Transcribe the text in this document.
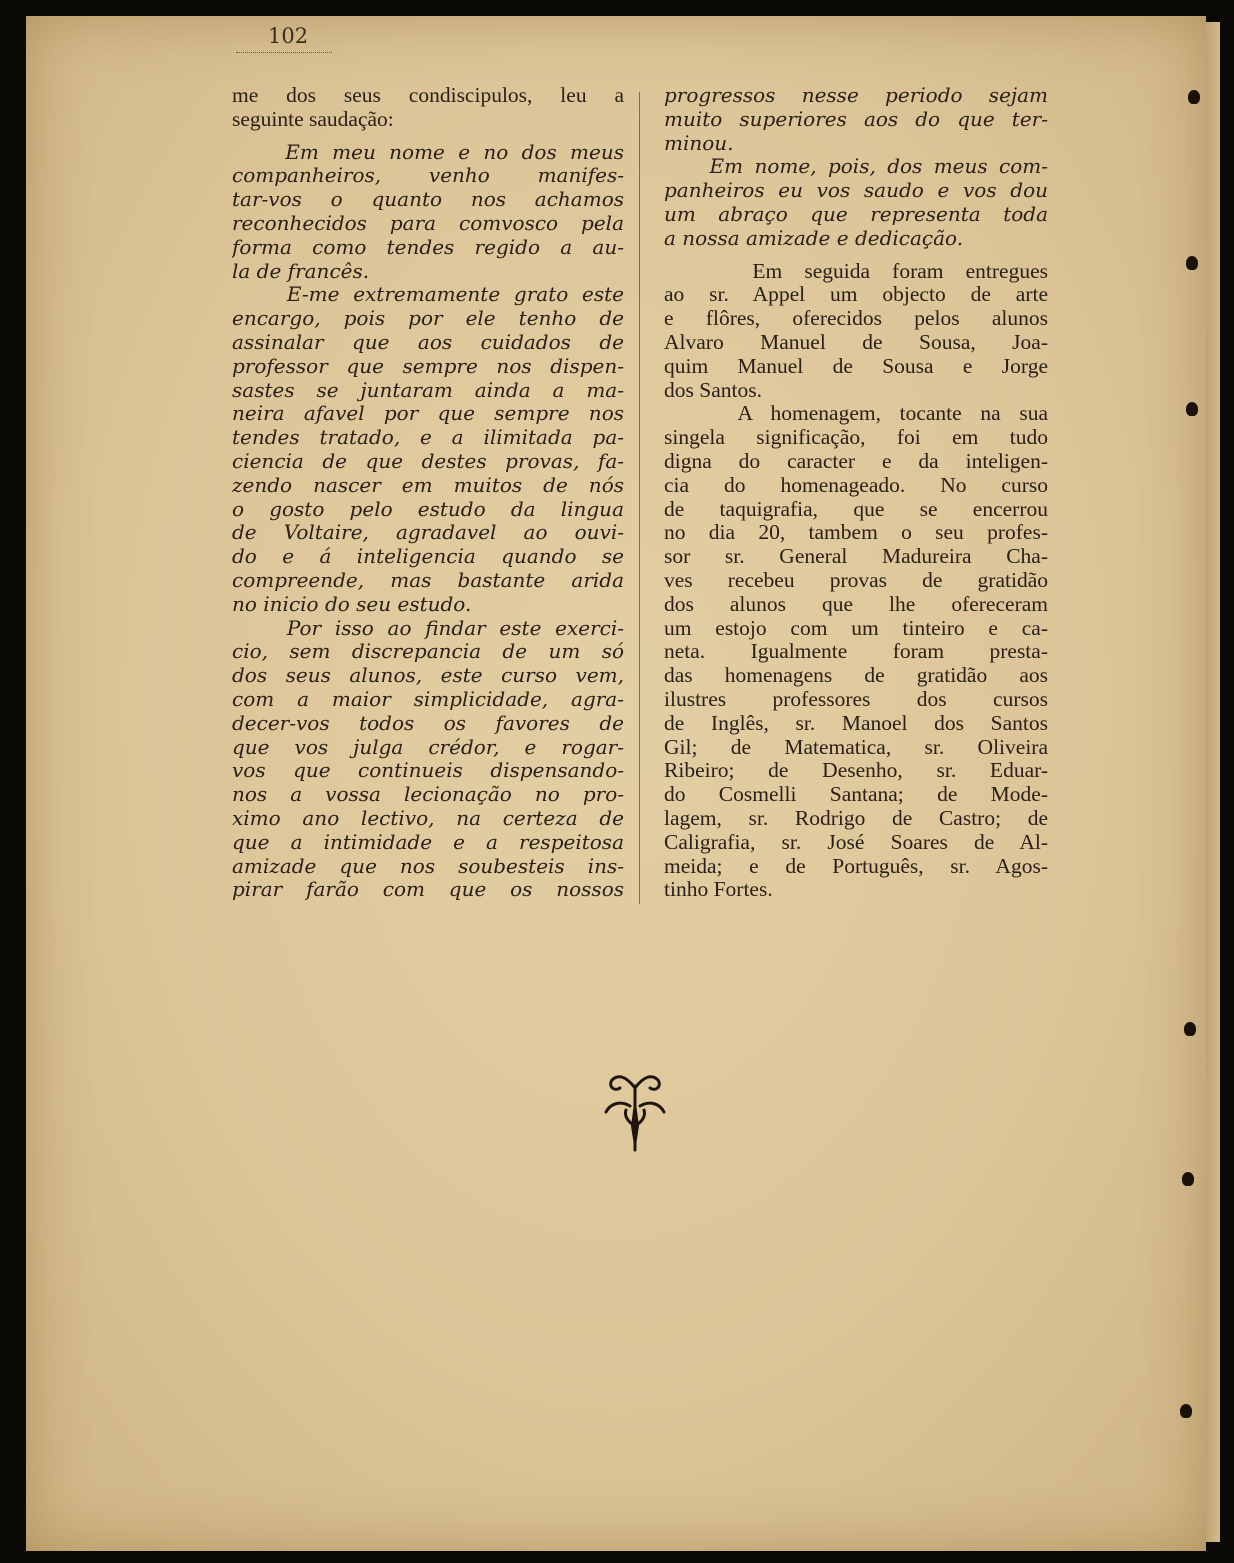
102
me dos seus condiscipulos, leu a
seguinte saudação:
Em meu nome e no dos meus
companheiros, venho manifes-
tar-vos o quanto nos achamos
reconhecidos para comvosco pela
forma como tendes regido a au-
la de francês.
E-me extremamente grato este
encargo, pois por ele tenho de
assinalar que aos cuidados de
professor que sempre nos dispen-
sastes se juntaram ainda a ma-
neira afavel por que sempre nos
tendes tratado, e a ilimitada pa-
ciencia de que destes provas, fa-
zendo nascer em muitos de nós
o gosto pelo estudo da lingua
de Voltaire, agradavel ao ouvi-
do e á inteligencia quando se
compreende, mas bastante arida
no inicio do seu estudo.
Por isso ao findar este exerci-
cio, sem discrepancia de um só
dos seus alunos, este curso vem,
com a maior simplicidade, agra-
decer-vos todos os favores de
que vos julga crédor, e rogar-
vos que continueis dispensando-
nos a vossa lecionação no pro-
ximo ano lectivo, na certeza de
que a intimidade e a respeitosa
amizade que nos soubesteis ins-
pirar farão com que os nossos
progressos nesse periodo sejam
muito superiores aos do que ter-
minou.
Em nome, pois, dos meus com-
panheiros eu vos saudo e vos dou
um abraço que representa toda
a nossa amizade e dedicação.
Em seguida foram entregues
ao sr. Appel um objecto de arte
e flôres, oferecidos pelos alunos
Alvaro Manuel de Sousa, Joa-
quim Manuel de Sousa e Jorge
dos Santos.
A homenagem, tocante na sua
singela significação, foi em tudo
digna do caracter e da inteligen-
cia do homenageado. No curso
de taquigrafia, que se encerrou
no dia 20, tambem o seu profes-
sor sr. General Madureira Cha-
ves recebeu provas de gratidão
dos alunos que lhe ofereceram
um estojo com um tinteiro e ca-
neta. Igualmente foram presta-
das homenagens de gratidão aos
ilustres professores dos cursos
de Inglês, sr. Manoel dos Santos
Gil; de Matematica, sr. Oliveira
Ribeiro; de Desenho, sr. Eduar-
do Cosmelli Santana; de Mode-
lagem, sr. Rodrigo de Castro; de
Caligrafia, sr. José Soares de Al-
meida; e de Português, sr. Agos-
tinho Fortes.
